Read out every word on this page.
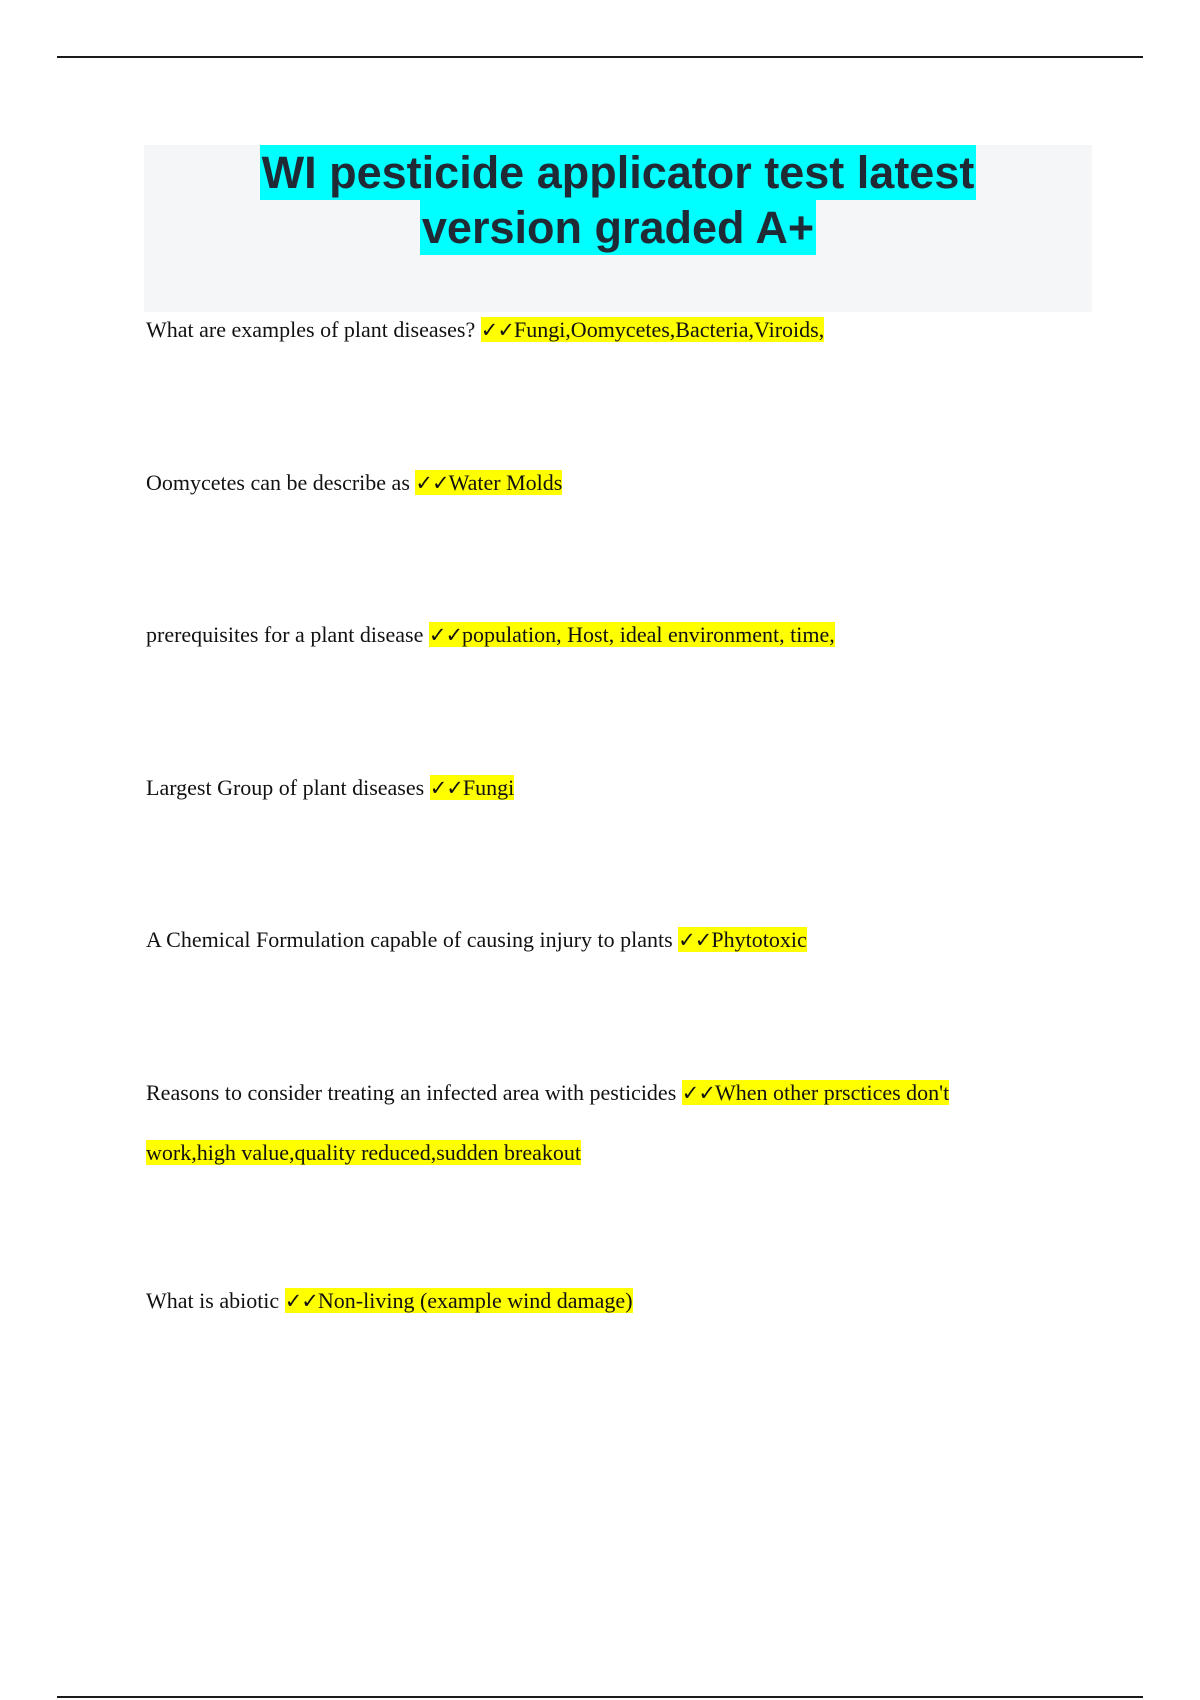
WI pesticide applicator test latest
version graded A+
What are examples of plant diseases? ✓✓Fungi,Oomycetes,Bacteria,Viroids,
Oomycetes can be describe as ✓✓Water Molds
prerequisites for a plant disease ✓✓population, Host, ideal environment, time,
Largest Group of plant diseases ✓✓Fungi
A Chemical Formulation capable of causing injury to plants ✓✓Phytotoxic
Reasons to consider treating an infected area with pesticides ✓✓When other prsctices don't
work,high value,quality reduced,sudden breakout
What is abiotic ✓✓Non-living (example wind damage)
